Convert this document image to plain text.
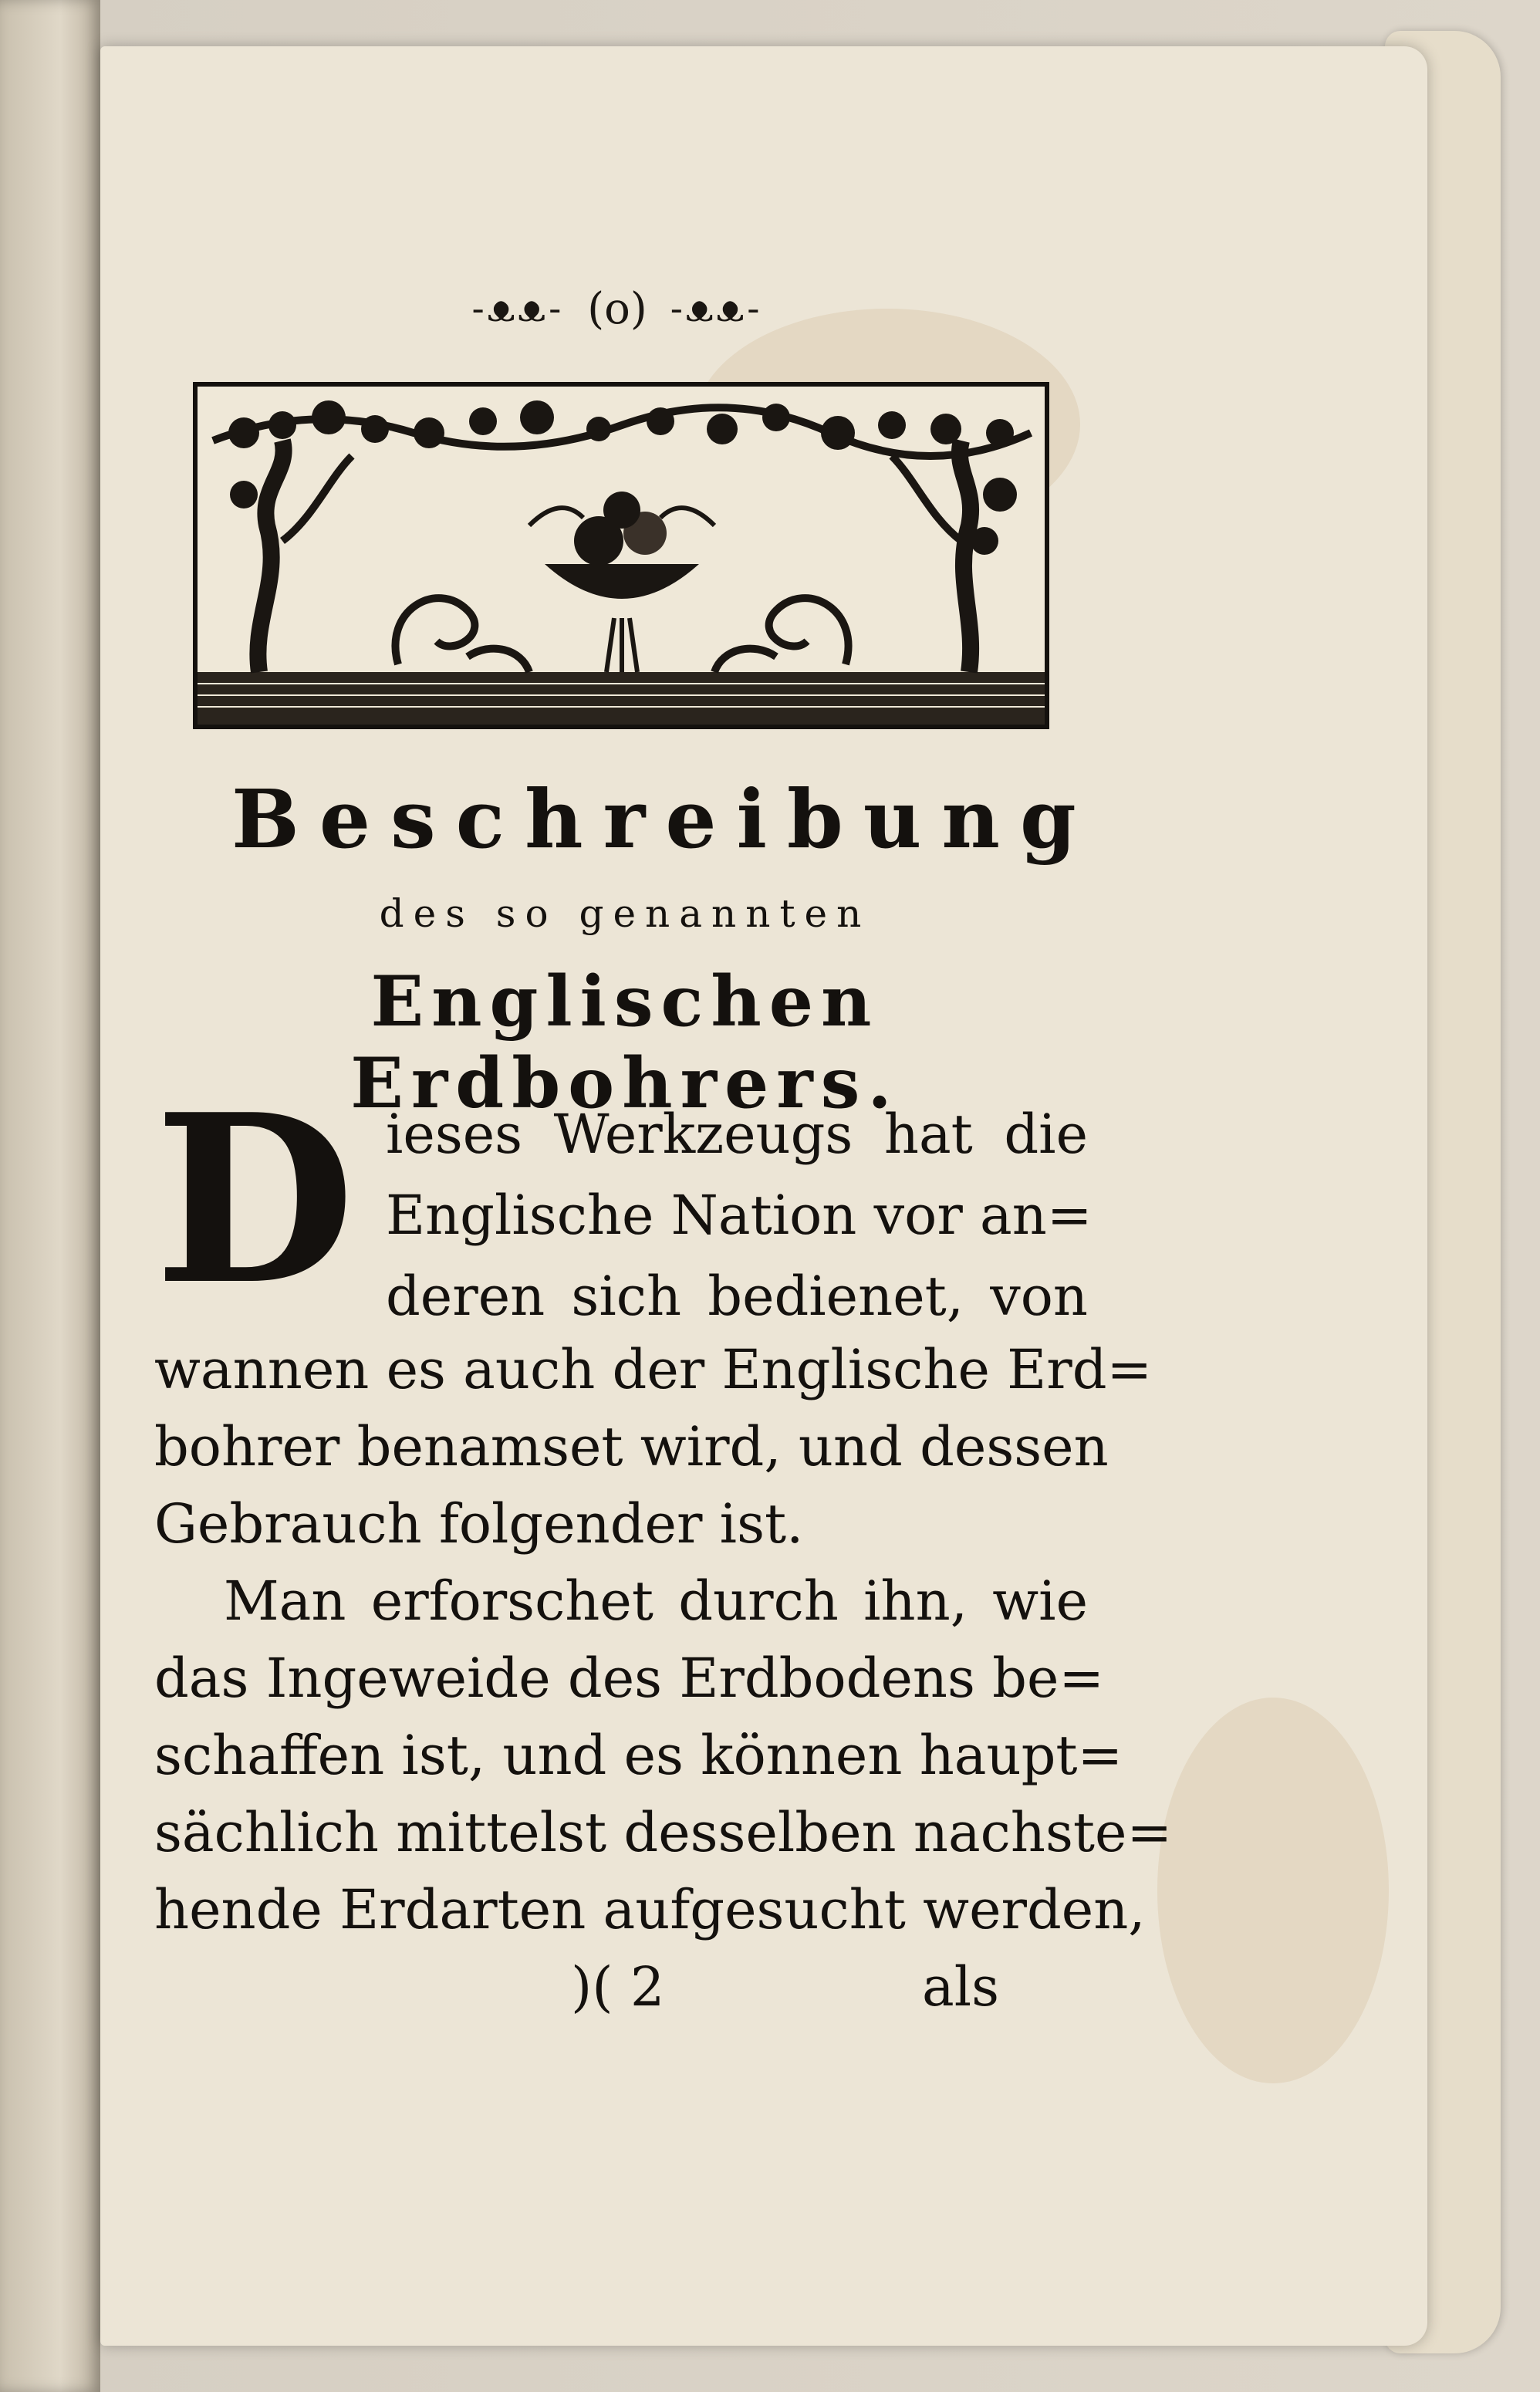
-ᴥᴥ- (o) -ᴥᴥ-
Beschreibung
des so genannten
Englischen Erdbohrers.
D ieses Werkzeugs hat die
Englische Nation vor an=
deren sich bedienet, von
wannen es auch der Englische Erd=
bohrer benamset wird, und dessen
Gebrauch folgender ist.
Man erforschet durch ihn, wie
das Ingeweide des Erdbodens be=
schaffen ist, und es können haupt=
sächlich mittelst desselben nachste=
hende Erdarten aufgesucht werden,
)( 2	als
